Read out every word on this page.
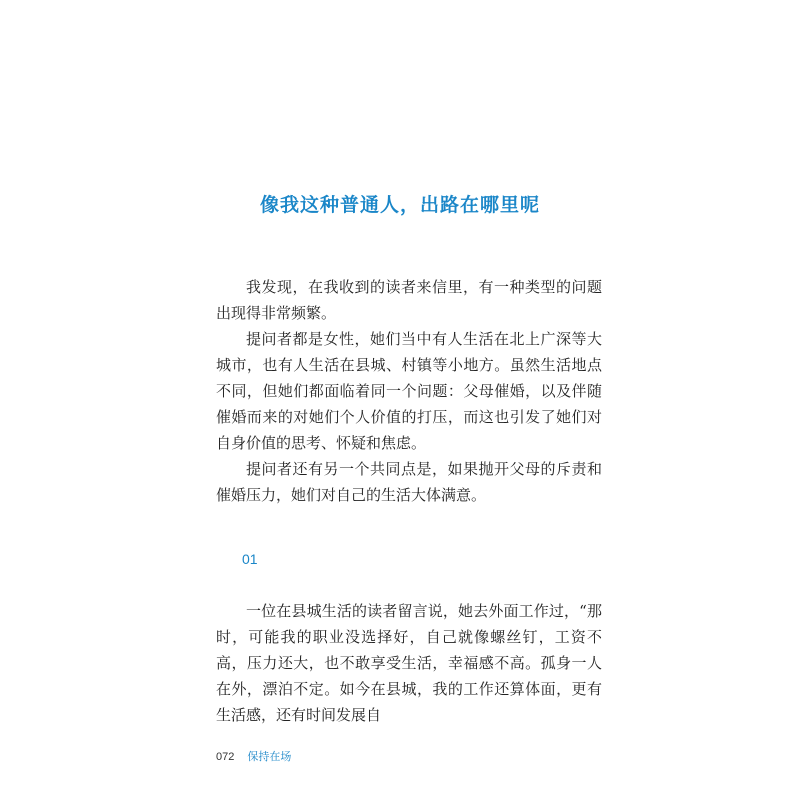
像我这种普通人，出路在哪里呢

我发现，在我收到的读者来信里，有一种类型的问题出现得非常频繁。

提问者都是女性，她们当中有人生活在北上广深等大城市，也有人生活在县城、村镇等小地方。虽然生活地点不同，但她们都面临着同一个问题：父母催婚，以及伴随催婚而来的对她们个人价值的打压，而这也引发了她们对自身价值的思考、怀疑和焦虑。

提问者还有另一个共同点是，如果抛开父母的斥责和催婚压力，她们对自己的生活大体满意。

01

一位在县城生活的读者留言说，她去外面工作过，“那时，可能我的职业没选择好，自己就像螺丝钉，工资不高，压力还大，也不敢享受生活，幸福感不高。孤身一人在外，漂泊不定。如今在县城，我的工作还算体面，更有生活感，还有时间发展自

072 保持在场
